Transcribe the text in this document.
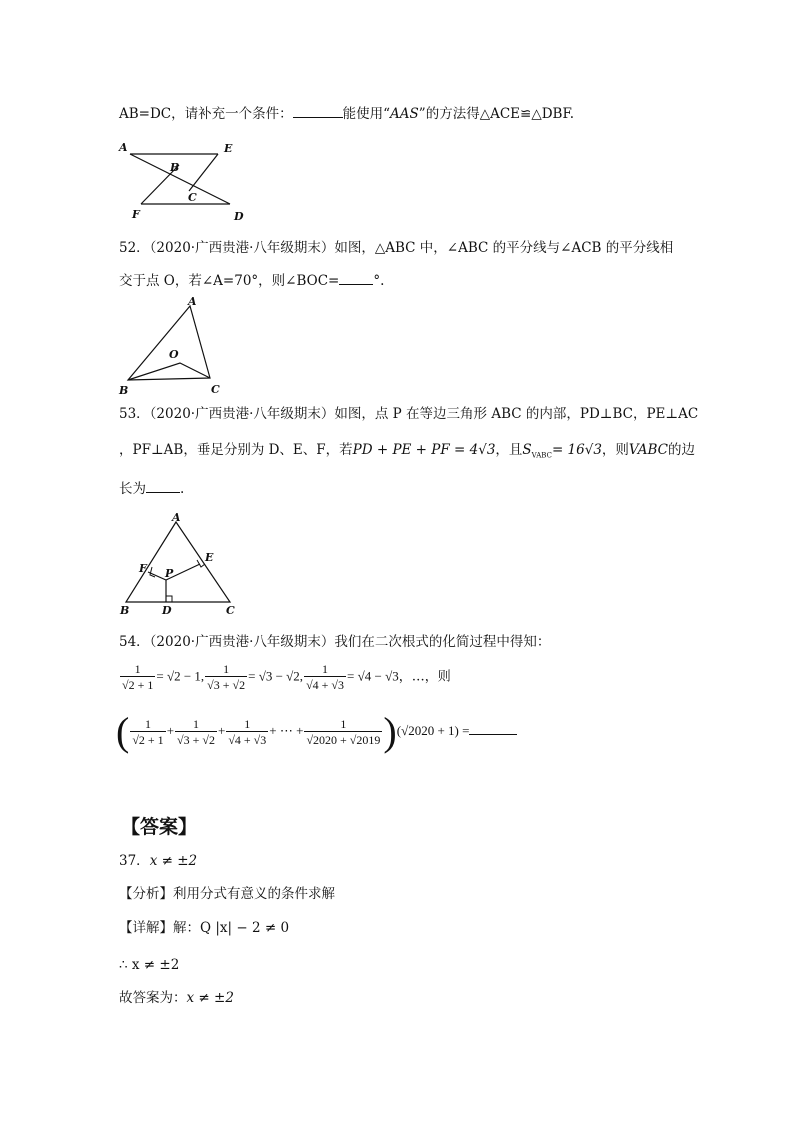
AB=DC，请补充一个条件：	能使用“AAS”的方法得△ACE≌△DBF.
A	E
B
C
F	D
52．（2020·广西贵港·八年级期末）如图，△ABC 中，∠ABC 的平分线与∠ACB 的平分线相
交于点 O，若∠A=70°，则∠BOC=	°.
A
O
B	C
53．（2020·广西贵港·八年级期末）如图，点 P 在等边三角形 ABC 的内部，PD⊥BC，PE⊥AC
，PF⊥AB，垂足分别为 D、E、F，若PD + PE + PF = 4√3，且$S_{VABC}= 16√3$，则VABC的边
长为	.
A
E
F P
B	D	C
54．（2020·广西贵港·八年级期末）我们在二次根式的化简过程中得知：
$\frac{1}{√2 + 1} = √2 - 1$, $\frac{1}{√3 + √2} = √3 - √2$, $\frac{1}{√4 + √3} = √4 - √3$，…，则
( $\frac{1}{√2 + 1} + \frac{1}{√3 + √2} + \frac{1}{√4 + √3}$ + ⋯ + $\frac{1}{√2020 + √2019} )(√2020 + 1)$ =
【答案】
37．x ≠ ±2
【分析】利用分式有意义的条件求解
【详解】解：Q |x| − 2 ≠ 0
∴ x ≠ ±2
故答案为：x ≠ ±2
